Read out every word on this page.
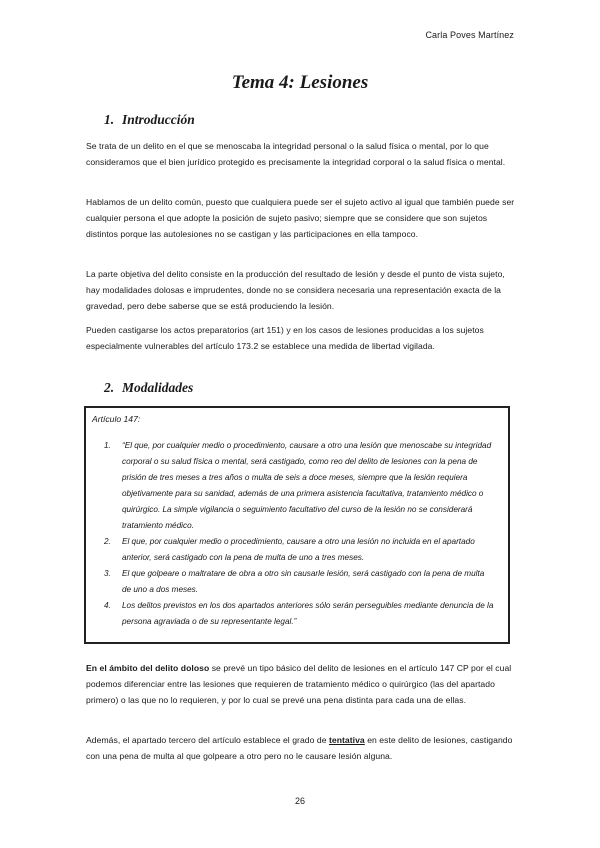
Carla Poves Martínez
Tema 4: Lesiones
1. Introducción

Se trata de un delito en el que se menoscaba la integridad personal o la salud física o mental, por lo que consideramos que el bien jurídico protegido es precisamente la integridad corporal o la salud física o mental.

Hablamos de un delito común, puesto que cualquiera puede ser el sujeto activo al igual que también puede ser cualquier persona el que adopte la posición de sujeto pasivo; siempre que se considere que son sujetos distintos porque las autolesiones no se castigan y las participaciones en ella tampoco.

La parte objetiva del delito consiste en la producción del resultado de lesión y desde el punto de vista sujeto, hay modalidades dolosas e imprudentes, donde no se considera necesaria una representación exacta de la gravedad, pero debe saberse que se está produciendo la lesión.

Pueden castigarse los actos preparatorios (art 151) y en los casos de lesiones producidas a los sujetos especialmente vulnerables del artículo 173.2 se establece una medida de libertad vigilada.

2. Modalidades

Artículo 147:

1. “El que, por cualquier medio o procedimiento, causare a otro una lesión que menoscabe su integridad corporal o su salud física o mental, será castigado, como reo del delito de lesiones con la pena de prisión de tres meses a tres años o multa de seis a doce meses, siempre que la lesión requiera objetivamente para su sanidad, además de una primera asistencia facultativa, tratamiento médico o quirúrgico. La simple vigilancia o seguimiento facultativo del curso de la lesión no se considerará tratamiento médico.
2. El que, por cualquier medio o procedimiento, causare a otro una lesión no incluida en el apartado anterior, será castigado con la pena de multa de uno a tres meses.
3. El que golpeare o maltratare de obra a otro sin causarle lesión, será castigado con la pena de multa de uno a dos meses.
4. Los delitos previstos en los dos apartados anteriores sólo serán perseguibles mediante denuncia de la persona agraviada o de su representante legal.”

En el ámbito del delito doloso se prevé un tipo básico del delito de lesiones en el artículo 147 CP por el cual podemos diferenciar entre las lesiones que requieren de tratamiento médico o quirúrgico (las del apartado primero) o las que no lo requieren, y por lo cual se prevé una pena distinta para cada una de ellas.

Además, el apartado tercero del artículo establece el grado de tentativa en este delito de lesiones, castigando con una pena de multa al que golpeare a otro pero no le causare lesión alguna.

26
